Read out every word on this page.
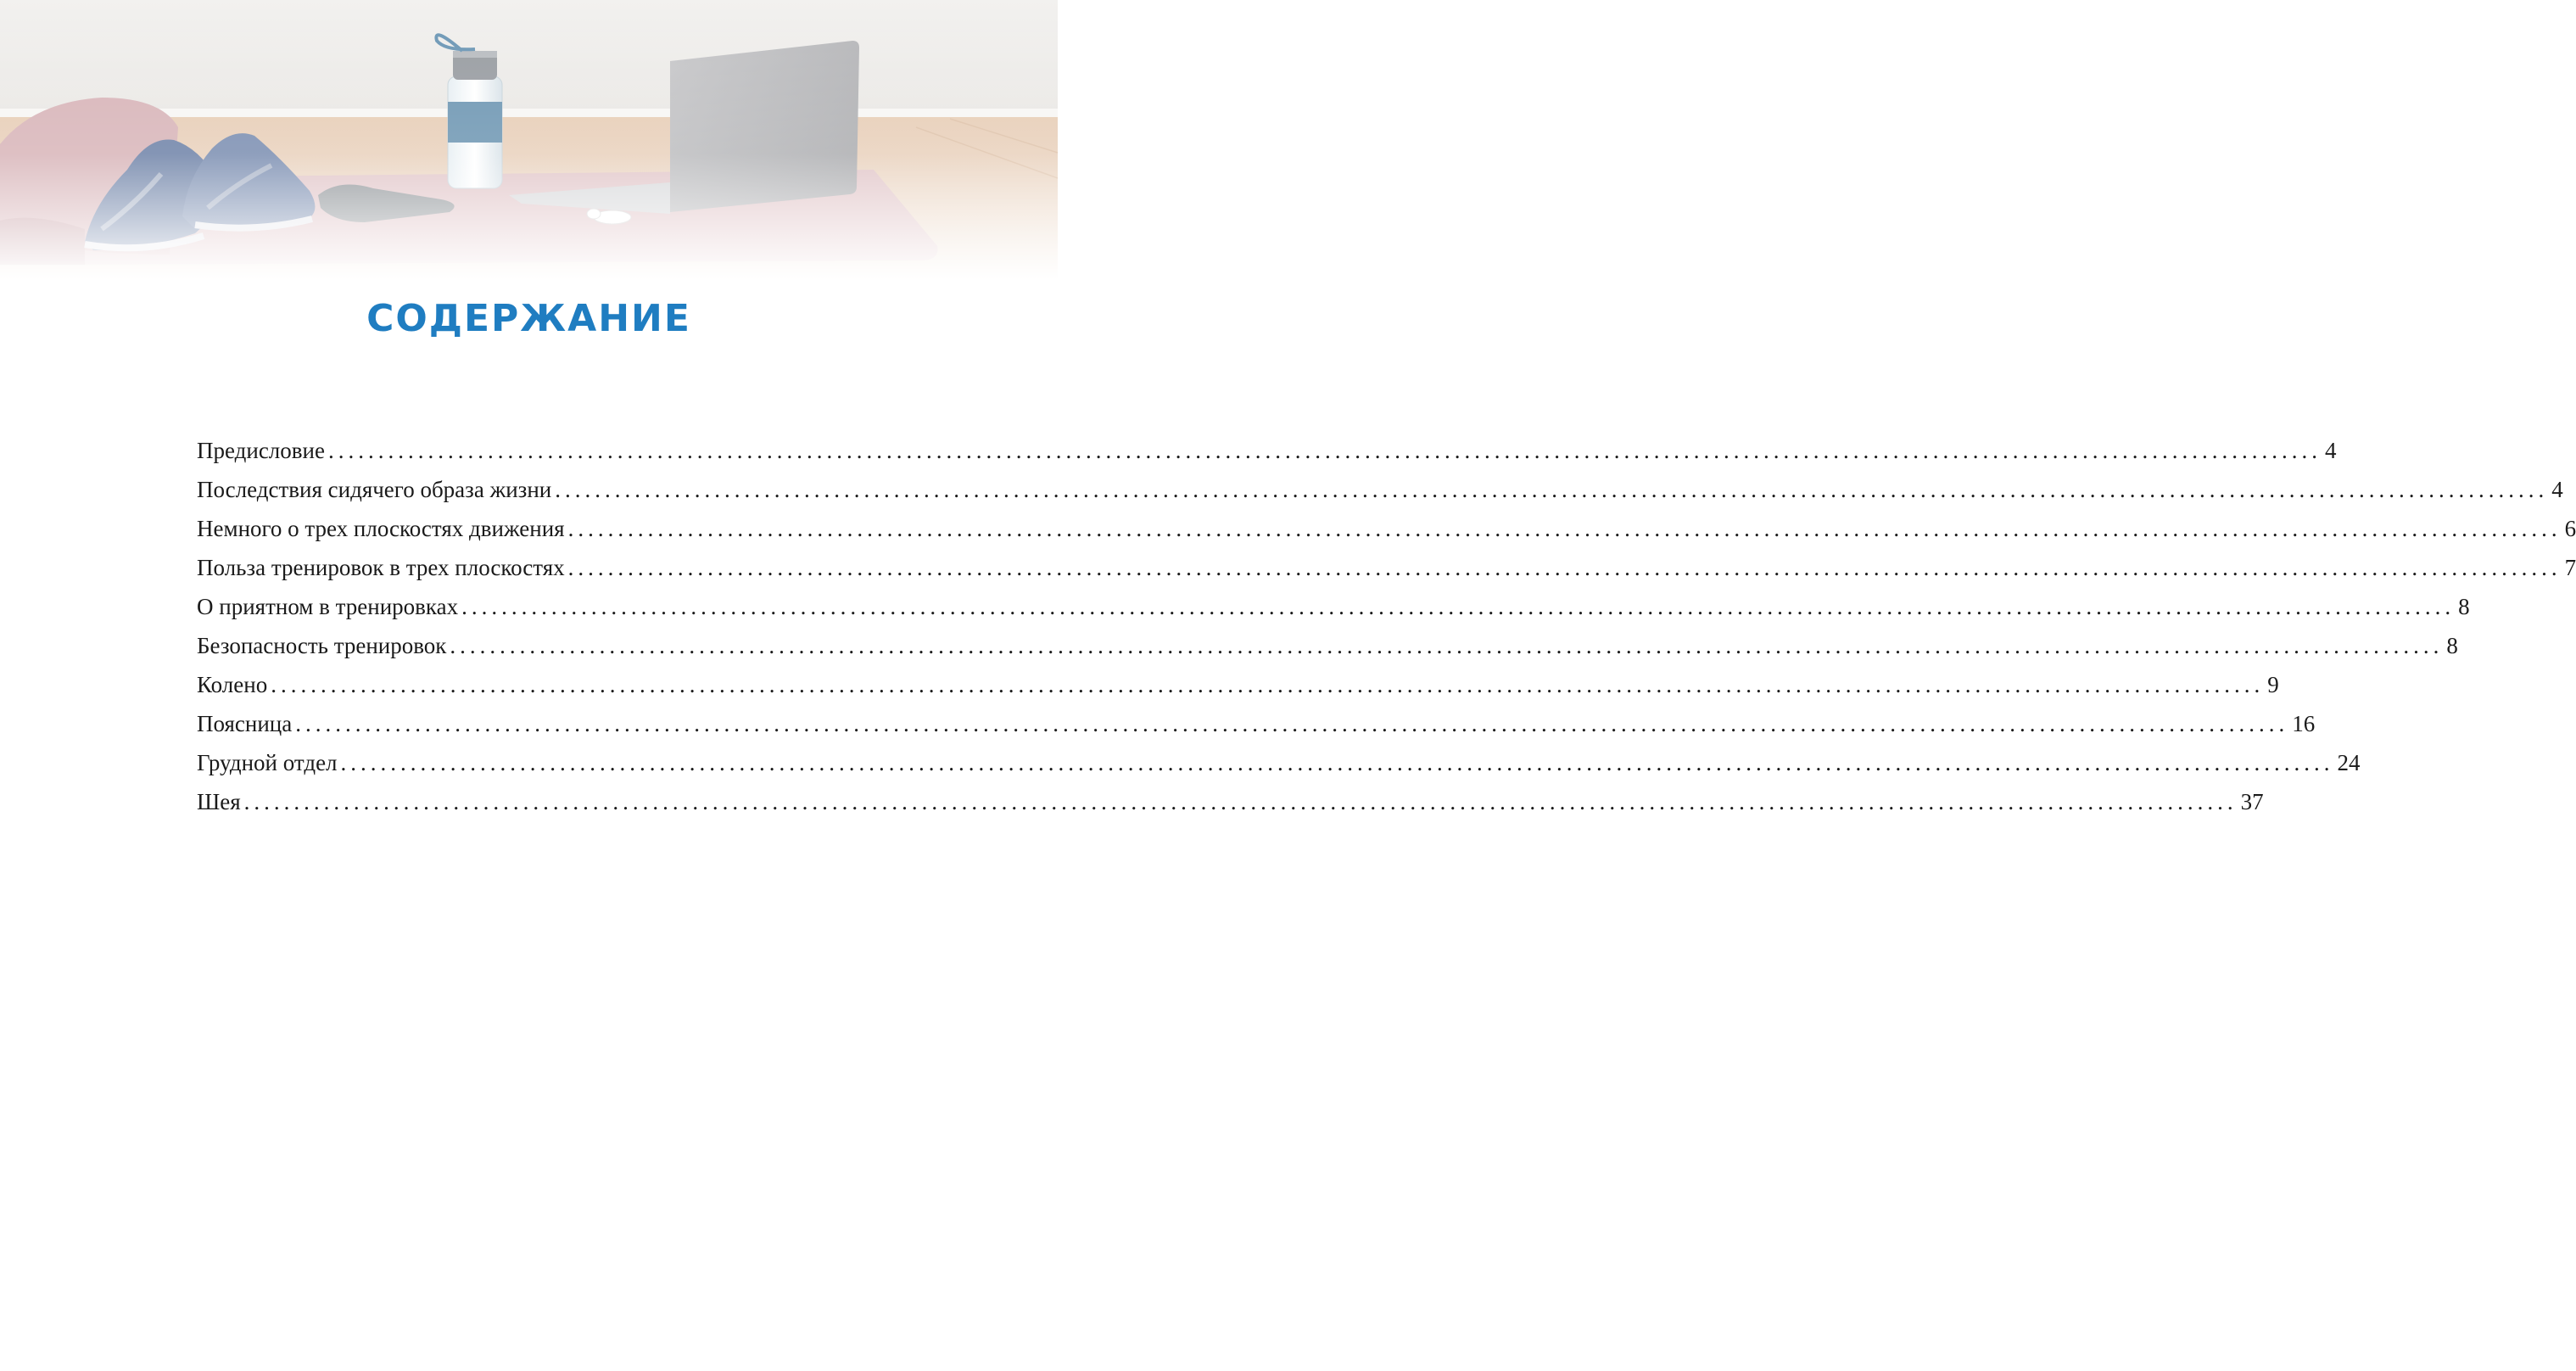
СОДЕРЖАНИЕ
Предисловие ........................................................................................................................................................................................................ 4
Последствия сидячего образа жизни ........................................................................................................................................................................................................ 4
Немного о трех плоскостях движения ........................................................................................................................................................................................................ 6
Польза тренировок в трех плоскостях ........................................................................................................................................................................................................ 7
О приятном в тренировках ........................................................................................................................................................................................................ 8
Безопасность тренировок ........................................................................................................................................................................................................ 8
Колено ........................................................................................................................................................................................................ 9
Поясница ........................................................................................................................................................................................................ 16
Грудной отдел ........................................................................................................................................................................................................ 24
Шея ........................................................................................................................................................................................................ 37
